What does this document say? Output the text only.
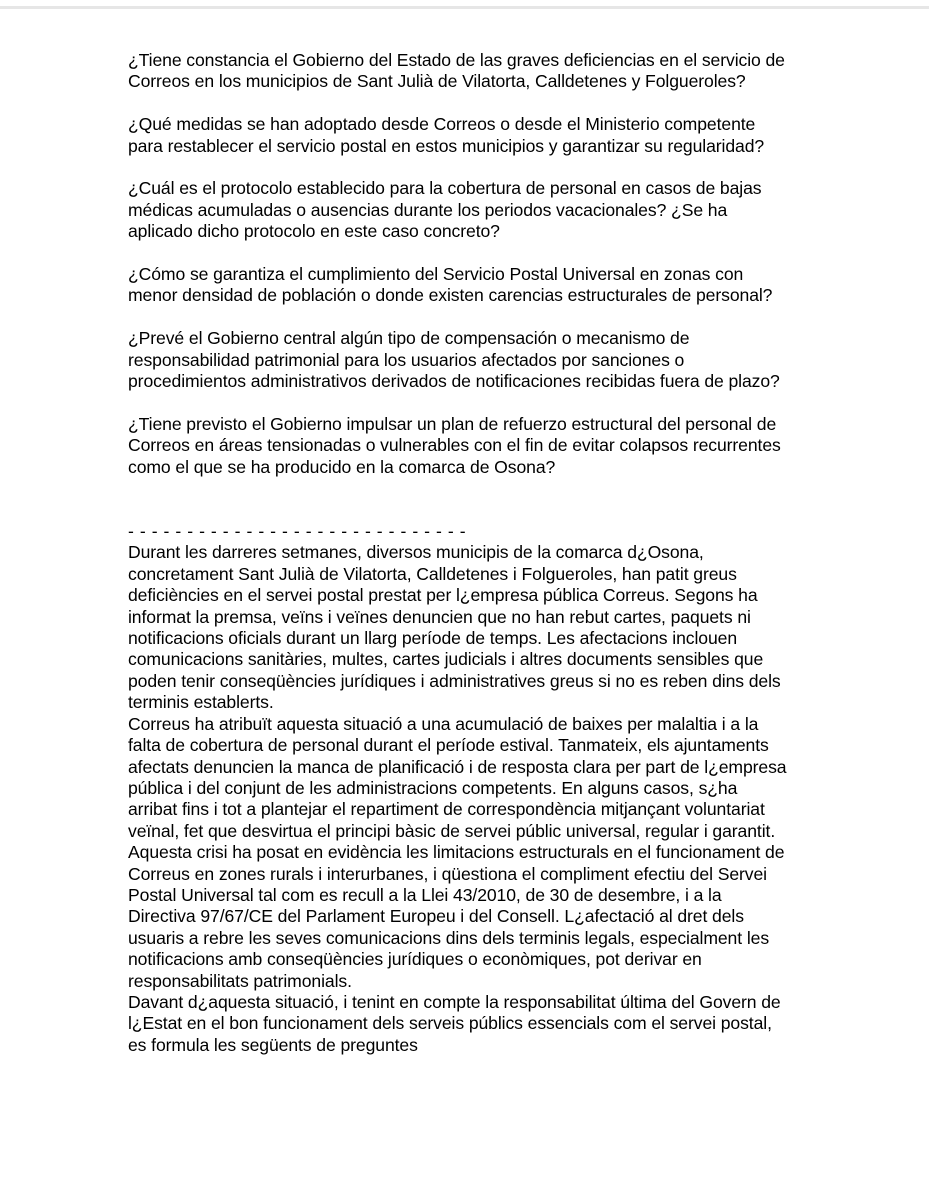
¿Tiene constancia el Gobierno del Estado de las graves deficiencias en el servicio de
Correos en los municipios de Sant Julià de Vilatorta, Calldetenes y Folgueroles?
¿Qué medidas se han adoptado desde Correos o desde el Ministerio competente
para restablecer el servicio postal en estos municipios y garantizar su regularidad?
¿Cuál es el protocolo establecido para la cobertura de personal en casos de bajas
médicas acumuladas o ausencias durante los periodos vacacionales? ¿Se ha
aplicado dicho protocolo en este caso concreto?
¿Cómo se garantiza el cumplimiento del Servicio Postal Universal en zonas con
menor densidad de población o donde existen carencias estructurales de personal?
¿Prevé el Gobierno central algún tipo de compensación o mecanismo de
responsabilidad patrimonial para los usuarios afectados por sanciones o
procedimientos administrativos derivados de notificaciones recibidas fuera de plazo?
¿Tiene previsto el Gobierno impulsar un plan de refuerzo estructural del personal de
Correos en áreas tensionadas o vulnerables con el fin de evitar colapsos recurrentes
como el que se ha producido en la comarca de Osona?
- - - - - - - - - - - - - - - - - - - - - - - - - - - - -
Durant les darreres setmanes, diversos municipis de la comarca d¿Osona,
concretament Sant Julià de Vilatorta, Calldetenes i Folgueroles, han patit greus
deficiències en el servei postal prestat per l¿empresa pública Correus. Segons ha
informat la premsa, veïns i veïnes denuncien que no han rebut cartes, paquets ni
notificacions oficials durant un llarg període de temps. Les afectacions inclouen
comunicacions sanitàries, multes, cartes judicials i altres documents sensibles que
poden tenir conseqüències jurídiques i administratives greus si no es reben dins dels
terminis establerts.
Correus ha atribuït aquesta situació a una acumulació de baixes per malaltia i a la
falta de cobertura de personal durant el període estival. Tanmateix, els ajuntaments
afectats denuncien la manca de planificació i de resposta clara per part de l¿empresa
pública i del conjunt de les administracions competents. En alguns casos, s¿ha
arribat fins i tot a plantejar el repartiment de correspondència mitjançant voluntariat
veïnal, fet que desvirtua el principi bàsic de servei públic universal, regular i garantit.
Aquesta crisi ha posat en evidència les limitacions estructurals en el funcionament de
Correus en zones rurals i interurbanes, i qüestiona el compliment efectiu del Servei
Postal Universal tal com es recull a la Llei 43/2010, de 30 de desembre, i a la
Directiva 97/67/CE del Parlament Europeu i del Consell. L¿afectació al dret dels
usuaris a rebre les seves comunicacions dins dels terminis legals, especialment les
notificacions amb conseqüències jurídiques o econòmiques, pot derivar en
responsabilitats patrimonials.
Davant d¿aquesta situació, i tenint en compte la responsabilitat última del Govern de
l¿Estat en el bon funcionament dels serveis públics essencials com el servei postal,
es formula les següents de preguntes
